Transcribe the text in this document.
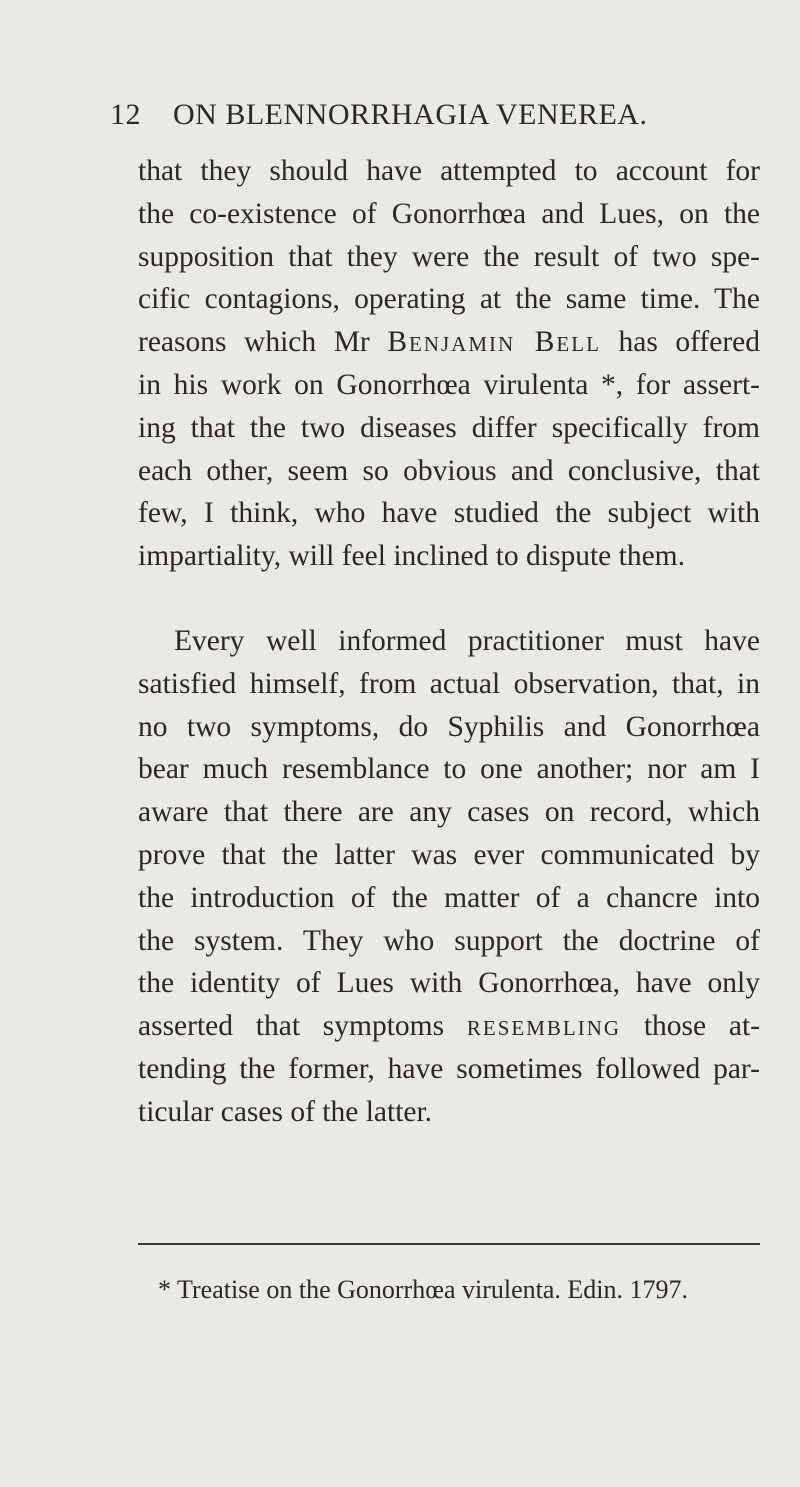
12 ON BLENNORRHAGIA VENEREA.
that they should have attempted to account for
the co-existence of Gonorrhœa and Lues, on the
supposition that they were the result of two spe-
cific contagions, operating at the same time. The
reasons which Mr Benjamin Bell has offered
in his work on Gonorrhœa virulenta *, for assert-
ing that the two diseases differ specifically from
each other, seem so obvious and conclusive, that
few, I think, who have studied the subject with
impartiality, will feel inclined to dispute them.
Every well informed practitioner must have
satisfied himself, from actual observation, that, in
no two symptoms, do Syphilis and Gonorrhœa
bear much resemblance to one another; nor am I
aware that there are any cases on record, which
prove that the latter was ever communicated by
the introduction of the matter of a chancre into
the system. They who support the doctrine of
the identity of Lues with Gonorrhœa, have only
asserted that symptoms resembling those at-
tending the former, have sometimes followed par-
ticular cases of the latter.
* Treatise on the Gonorrhœa virulenta. Edin. 1797.
